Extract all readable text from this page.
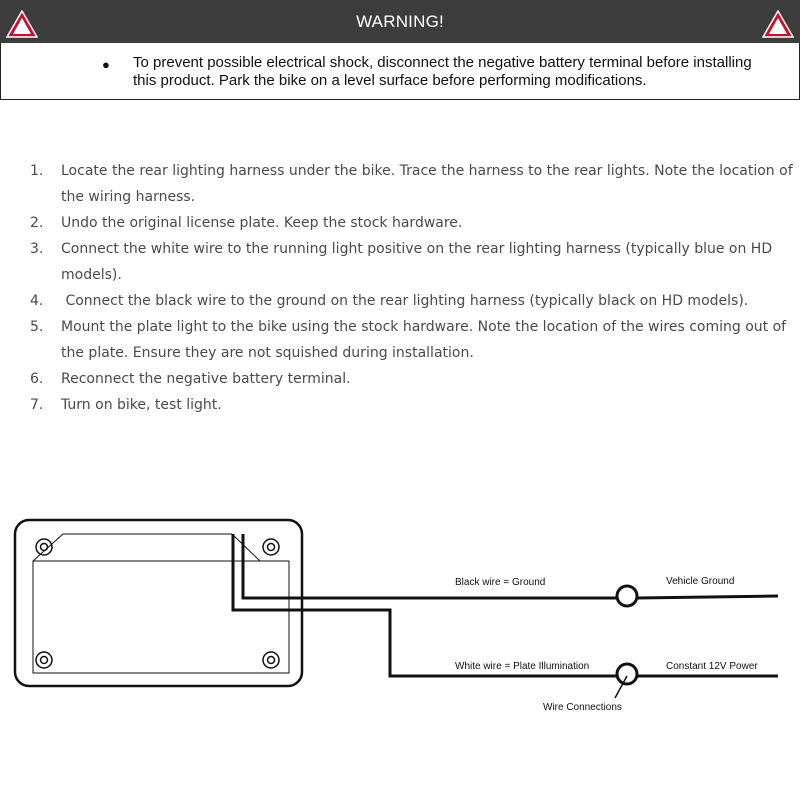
WARNING!
● To prevent possible electrical shock, disconnect the negative battery terminal before installing this product. Park the bike on a level surface before performing modifications.
1. Locate the rear lighting harness under the bike. Trace the harness to the rear lights. Note the location of the wiring harness.
2. Undo the original license plate. Keep the stock hardware.
3. Connect the white wire to the running light positive on the rear lighting harness (typically blue on HD models).
4. Connect the black wire to the ground on the rear lighting harness (typically black on HD models).
5. Mount the plate light to the bike using the stock hardware. Note the location of the wires coming out of the plate. Ensure they are not squished during installation.
6. Reconnect the negative battery terminal.
7. Turn on bike, test light.
Black wire = Ground	Vehicle Ground
White wire = Plate Illumination	Constant 12V Power
Wire Connections
